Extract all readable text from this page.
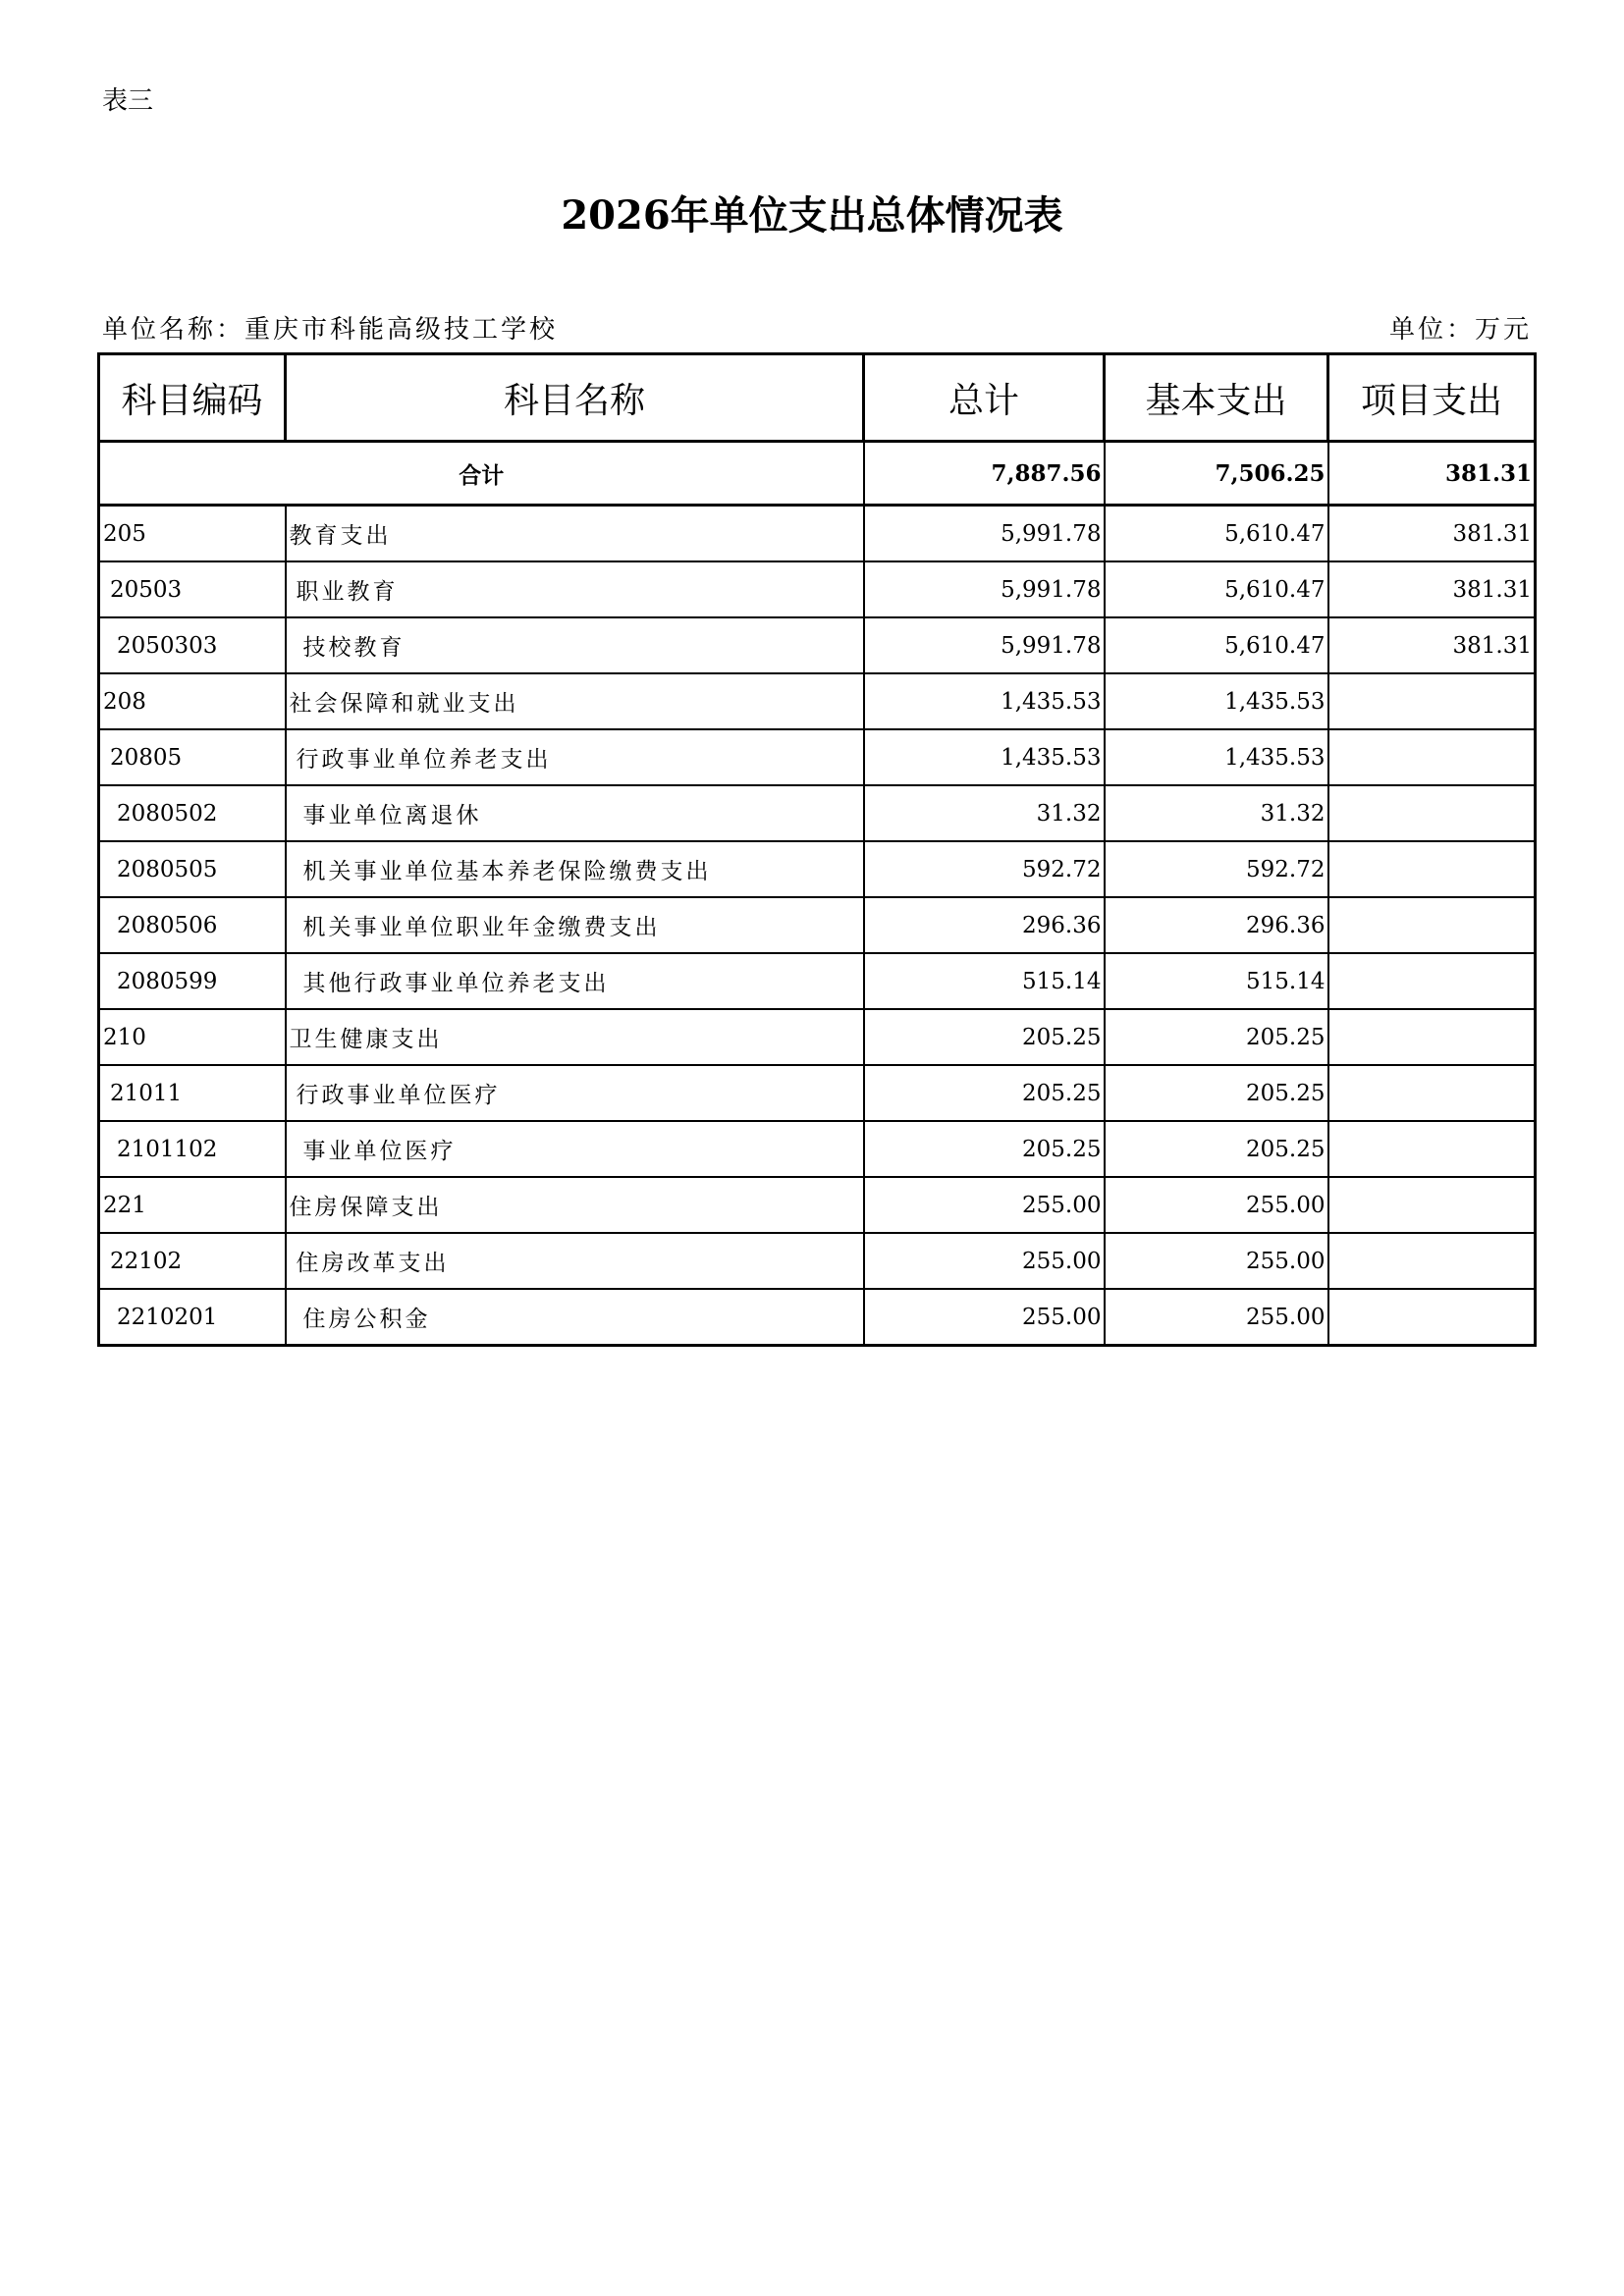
表三
2026年单位支出总体情况表
单位名称：重庆市科能高级技工学校	单位：万元
科目编码	科目名称	总计	基本支出	项目支出
合计		7,887.56	7,506.25	381.31
205	教育支出	5,991.78	5,610.47	381.31
20503	职业教育	5,991.78	5,610.47	381.31
2050303	技校教育	5,991.78	5,610.47	381.31
208	社会保障和就业支出	1,435.53	1,435.53	
20805	行政事业单位养老支出	1,435.53	1,435.53	
2080502	事业单位离退休	31.32	31.32	
2080505	机关事业单位基本养老保险缴费支出	592.72	592.72	
2080506	机关事业单位职业年金缴费支出	296.36	296.36	
2080599	其他行政事业单位养老支出	515.14	515.14	
210	卫生健康支出	205.25	205.25	
21011	行政事业单位医疗	205.25	205.25	
2101102	事业单位医疗	205.25	205.25	
221	住房保障支出	255.00	255.00	
22102	住房改革支出	255.00	255.00	
2210201	住房公积金	255.00	255.00	
